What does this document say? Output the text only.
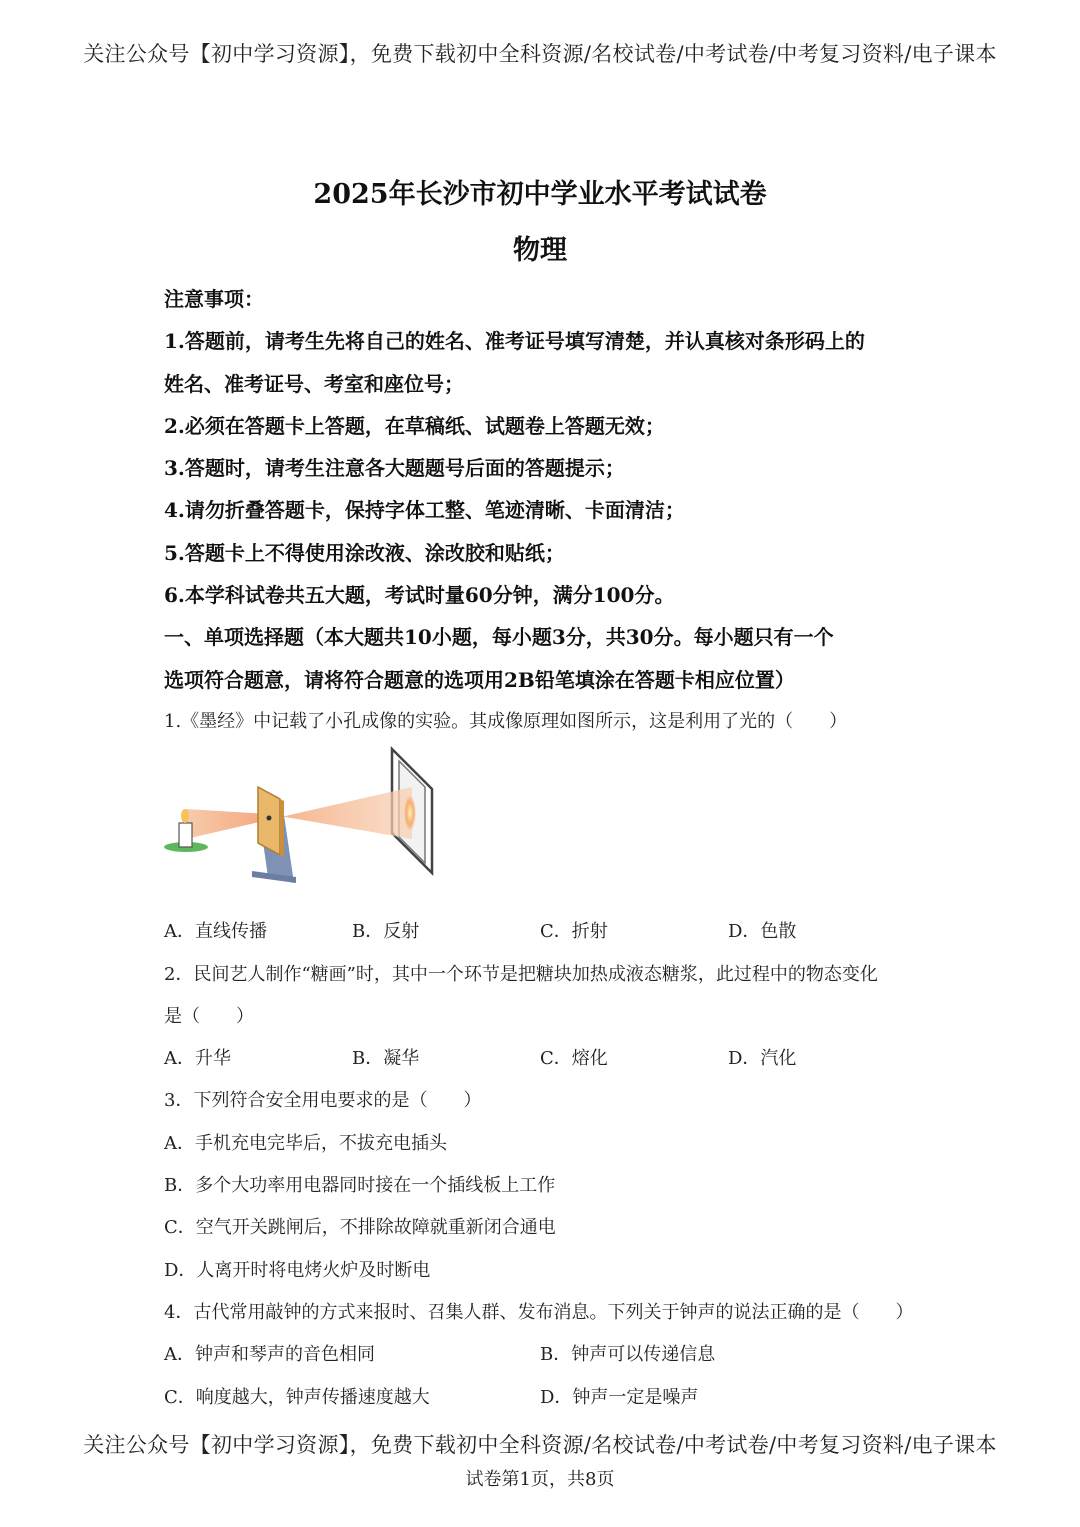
关注公众号【初中学习资源】，免费下载初中全科资源/名校试卷/中考试卷/中考复习资料/电子课本
2025年长沙市初中学业水平考试试卷
物理
注意事项：
1.答题前，请考生先将自己的姓名、准考证号填写清楚，并认真核对条形码上的
姓名、准考证号、考室和座位号；
2.必须在答题卡上答题，在草稿纸、试题卷上答题无效；
3.答题时，请考生注意各大题题号后面的答题提示；
4.请勿折叠答题卡，保持字体工整、笔迹清晰、卡面清洁；
5.答题卡上不得使用涂改液、涂改胶和贴纸；
6.本学科试卷共五大题，考试时量60分钟，满分100分。
一、单项选择题（本大题共10小题，每小题3分，共30分。每小题只有一个
选项符合题意，请将符合题意的选项用2B铅笔填涂在答题卡相应位置）
1.《墨经》中记载了小孔成像的实验。其成像原理如图所示，这是利用了光的（　　）
A．直线传播	B．反射	C．折射	D．色散
2．民间艺人制作“糖画”时，其中一个环节是把糖块加热成液态糖浆，此过程中的物态变化
是（　　）
A．升华	B．凝华	C．熔化	D．汽化
3．下列符合安全用电要求的是（　　）
A．手机充电完毕后，不拔充电插头
B．多个大功率用电器同时接在一个插线板上工作
C．空气开关跳闸后，不排除故障就重新闭合通电
D．人离开时将电烤火炉及时断电
4．古代常用敲钟的方式来报时、召集人群、发布消息。下列关于钟声的说法正确的是（　　）
A．钟声和琴声的音色相同	B．钟声可以传递信息
C．响度越大，钟声传播速度越大	D．钟声一定是噪声
关注公众号【初中学习资源】，免费下载初中全科资源/名校试卷/中考试卷/中考复习资料/电子课本
试卷第1页，共8页
